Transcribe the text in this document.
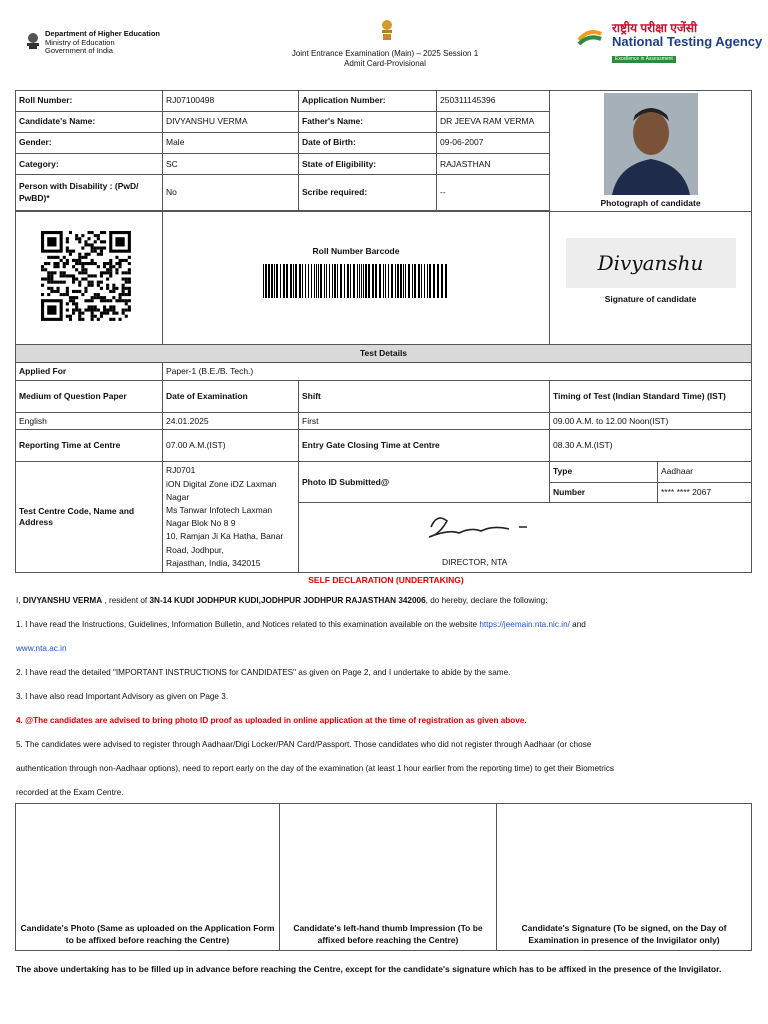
Department of Higher Education
Ministry of Education
Government of India	Joint Entrance Examination (Main) – 2025 Session 1
Admit Card-Provisional
राष्ट्रीय परीक्षा एजेंसी
National Testing Agency
Excellence in Assessment
Roll Number:	RJ07100498	Application Number:	250311145396	Photograph of candidate	

Candidate's Name:	DIVYANSHU VERMA	Father's Name:	DR JEEVA RAM VERMA		
Gender:	Male	Date of Birth:	09-06-2007		
Category:	SC	State of Eligibility:	RAJASTHAN		
Person with Disability : (PwD/ PwBD)*	No	Scribe required:	--		

Roll Number Barcode			Divyanshu
Signature of candidate	

Test Details					
Applied For	Paper-1 (B.E./B. Tech.)				
Medium of Question Paper	Date of Examination	Shift		Timing of Test (Indian Standard Time) (IST)	
English	24.01.2025	First		09.00 A.M. to 12.00 Noon(IST)	
Reporting Time at Centre	07.00 A.M.(IST)	Entry Gate Closing Time at Centre		08.30 A.M.(IST)	
Test Centre Code, Name and Address	RJ0701
iON Digital Zone iDZ Laxman Nagar
Ms Tanwar Infotech Laxman Nagar Blok No 8 9
10, Ramjan Ji Ka Hatha, Banar Road, Jodhpur,
Rajasthan, India, 342015	Photo ID Submitted@		Type	Aadhaar
				Number	**** **** 2067

		DIRECTOR, NTA			

SELF DECLARATION (UNDERTAKING)

I, DIVYANSHU VERMA , resident of 3N-14 KUDI JODHPUR KUDI,JODHPUR JODHPUR RAJASTHAN 342006, do hereby, declare the following:

1. I have read the Instructions, Guidelines, Information Bulletin, and Notices related to this examination available on the website https://jeemain.nta.nic.in/ and

www.nta.ac.in

2. I have read the detailed "IMPORTANT INSTRUCTIONS for CANDIDATES" as given on Page 2, and I undertake to abide by the same.

3. I have also read Important Advisory as given on Page 3.

4. @The candidates are advised to bring photo ID proof as uploaded in online application at the time of registration as given above.

5. The candidates were advised to register through Aadhaar/Digi Locker/PAN Card/Passport. Those candidates who did not register through Aadhaar (or chose

authentication through non-Aadhaar options), need to report early on the day of the examination (at least 1 hour earlier from the reporting time) to get their Biometrics

recorded at the Exam Centre.

Candidate's Photo (Same as uploaded on the Application Form to be affixed before reaching the Centre)	Candidate's left-hand thumb Impression (To be affixed before reaching the Centre)	Candidate's Signature (To be signed, on the Day of Examination in presence of the Invigilator only)
The above undertaking has to be filled up in advance before reaching the Centre, except for the candidate's signature which has to be affixed in the presence of the Invigilator.
